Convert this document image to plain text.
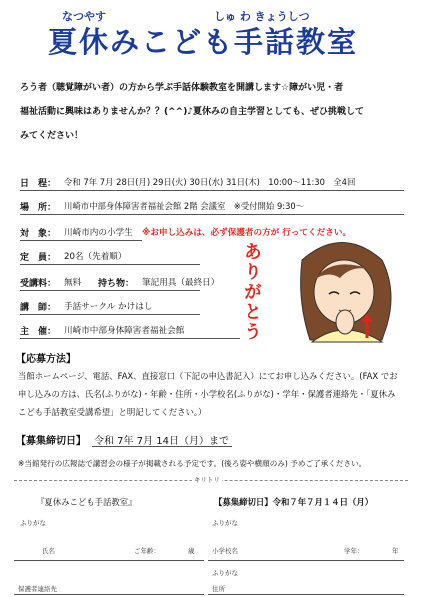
なつやす	しゅ わ きょうしつ
夏休みこども手話教室
ろう者（聴覚障がい者）の方から学ぶ手話体験教室を開講します☆障がい児・者
福祉活動に興味はありませんか？？(^^)♪夏休みの自主学習としても、ぜひ挑戦して
みてください！
日　程： 令和 7年 7月 28日(月) 29日(火) 30日(水) 31日(木)　10:00～11:30　全4回
場　所： 川崎市中部身体障害者福祉会館 2階 会議室　※受付開始 9:30～
対　象： 川崎市内の小学生 ※お申し込みは、必ず保護者の方が 行ってください。
定　員： 20名（先着順）
受講料： 無料 持ち物： 筆記用具（最終日）
講　師： 手話サークル かけはし
主　催： 川崎市中部身体障害者福祉会館	ありがとう
【応募方法】
当館ホームページ、電話、FAX、直接窓口（下記の申込書記入）にてお申し込みください。(FAX でお
申し込みの方は、氏名(ふりがな)・年齢・住所・小学校名(ふりがな)・学年・保護者連絡先・「夏休み
こども手話教室受講希望」と明記してください。）
【募集締切日】 令和 7年 7月 14日（月）まで
※当館発行の広報誌で講習会の様子が掲載される予定です。(後ろ姿や横顔のみ) 予めご了承ください。
キリトリ
『夏休みこども手話教室』	【募集締切日】令和７年７月１４日（月）
ふりがな	ふりがな
氏名	ご年齢：	歳	小学校名	学年：	年
保護者連絡先
ふりがな
住所
